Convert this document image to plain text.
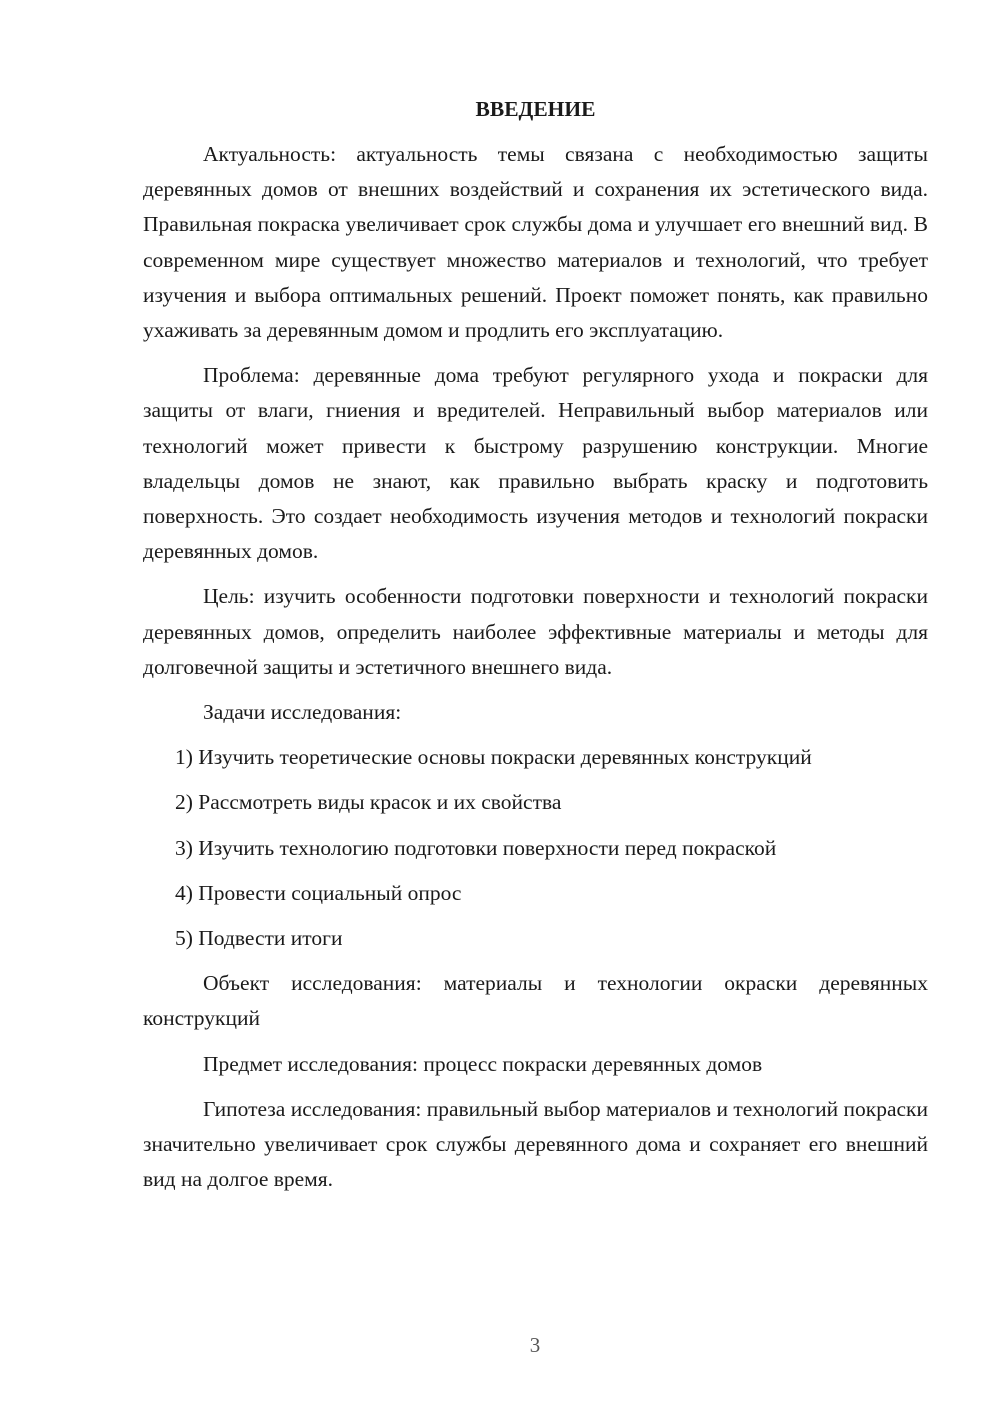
ВВЕДЕНИЕ

Актуальность: актуальность темы связана с необходимостью защиты деревянных домов от внешних воздействий и сохранения их эстетического вида. Правильная покраска увеличивает срок службы дома и улучшает его внешний вид. В современном мире существует множество материалов и технологий, что требует изучения и выбора оптимальных решений. Проект поможет понять, как правильно ухаживать за деревянным домом и продлить его эксплуатацию.

Проблема: деревянные дома требуют регулярного ухода и покраски для защиты от влаги, гниения и вредителей. Неправильный выбор материалов или технологий может привести к быстрому разрушению конструкции. Многие владельцы домов не знают, как правильно выбрать краску и подготовить поверхность. Это создает необходимость изучения методов и технологий покраски деревянных домов.

Цель: изучить особенности подготовки поверхности и технологий покраски деревянных домов, определить наиболее эффективные материалы и методы для долговечной защиты и эстетичного внешнего вида.

Задачи исследования:

1) Изучить теоретические основы покраски деревянных конструкций
2) Рассмотреть виды красок и их свойства
3) Изучить технологию подготовки поверхности перед покраской
4) Провести социальный опрос
5) Подвести итоги

Объект исследования: материалы и технологии окраски деревянных конструкций

Предмет исследования: процесс покраски деревянных домов

Гипотеза исследования: правильный выбор материалов и технологий покраски значительно увеличивает срок службы деревянного дома и сохраняет его внешний вид на долгое время.

3
